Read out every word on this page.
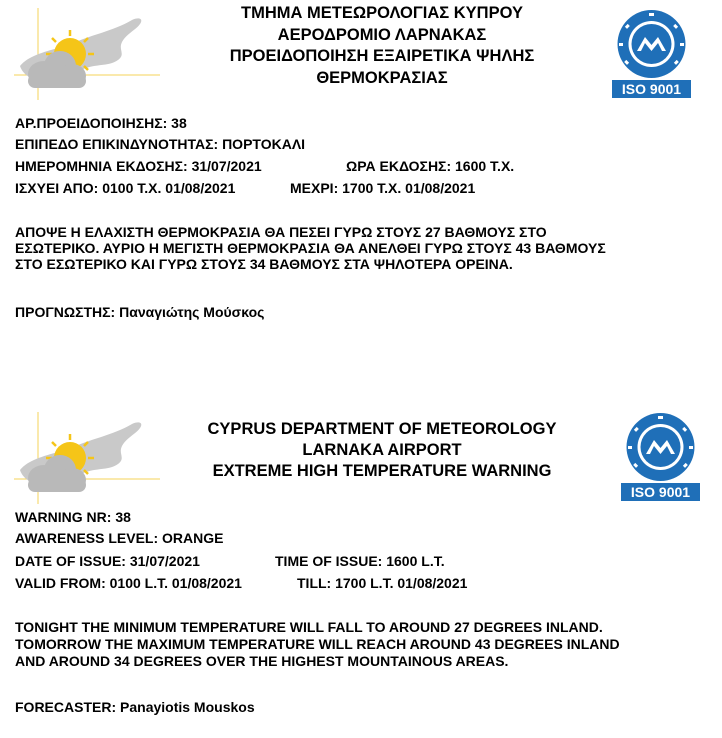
ΤΜΗΜΑ ΜΕΤΕΩΡΟΛΟΓΙΑΣ ΚΥΠΡΟΥ
ΑΕΡΟΔΡΟΜΙΟ ΛΑΡΝΑΚΑΣ
ΠΡΟΕΙΔΟΠΟΙΗΣΗ ΕΞΑΙΡΕΤΙΚΑ ΨΗΛΗΣ
ΘΕΡΜΟΚΡΑΣΙΑΣ
ISO 9001
ΑΡ.ΠΡΟΕΙΔΟΠΟΙΗΣΗΣ: 38
ΕΠΙΠΕΔΟ ΕΠΙΚΙΝΔΥΝΟΤΗΤΑΣ: ΠΟΡΤΟΚΑΛΙ
ΗΜΕΡΟΜΗΝΙΑ ΕΚΔΟΣΗΣ: 31/07/2021	ΩΡΑ ΕΚΔΟΣΗΣ: 1600 Τ.Χ.
ΙΣΧΥΕΙ ΑΠΟ: 0100 Τ.Χ. 01/08/2021	ΜΕΧΡΙ: 1700 Τ.Χ. 01/08/2021
ΑΠΟΨΕ Η ΕΛΑΧΙΣΤΗ ΘΕΡΜΟΚΡΑΣΙΑ ΘΑ ΠΕΣΕΙ ΓΥΡΩ ΣΤΟΥΣ 27 ΒΑΘΜΟΥΣ ΣΤΟ
ΕΣΩΤΕΡΙΚΟ. ΑΥΡΙΟ Η ΜΕΓΙΣΤΗ ΘΕΡΜΟΚΡΑΣΙΑ ΘΑ ΑΝΕΛΘΕΙ ΓΥΡΩ ΣΤΟΥΣ 43 ΒΑΘΜΟΥΣ
ΣΤΟ ΕΣΩΤΕΡΙΚΟ ΚΑΙ ΓΥΡΩ ΣΤΟΥΣ 34 ΒΑΘΜΟΥΣ ΣΤΑ ΨΗΛΟΤΕΡΑ ΟΡΕΙΝΑ.
ΠΡΟΓΝΩΣΤΗΣ: Παναγιώτης Μούσκος
CYPRUS DEPARTMENT OF METEOROLOGY
LARNAKA AIRPORT
EXTREME HIGH TEMPERATURE WARNING
ISO 9001
WARNING NR: 38
AWARENESS LEVEL: ORANGE
DATE OF ISSUE: 31/07/2021	TIME OF ISSUE: 1600 L.T.
VALID FROM: 0100 L.T. 01/08/2021	TILL: 1700 L.T. 01/08/2021
TONIGHT THE MINIMUM TEMPERATURE WILL FALL TO AROUND 27 DEGREES INLAND.
TOMORROW THE MAXIMUM TEMPERATURE WILL REACH AROUND 43 DEGREES INLAND
AND AROUND 34 DEGREES OVER THE HIGHEST MOUNTAINOUS AREAS.
FORECASTER: Panayiotis Mouskos
